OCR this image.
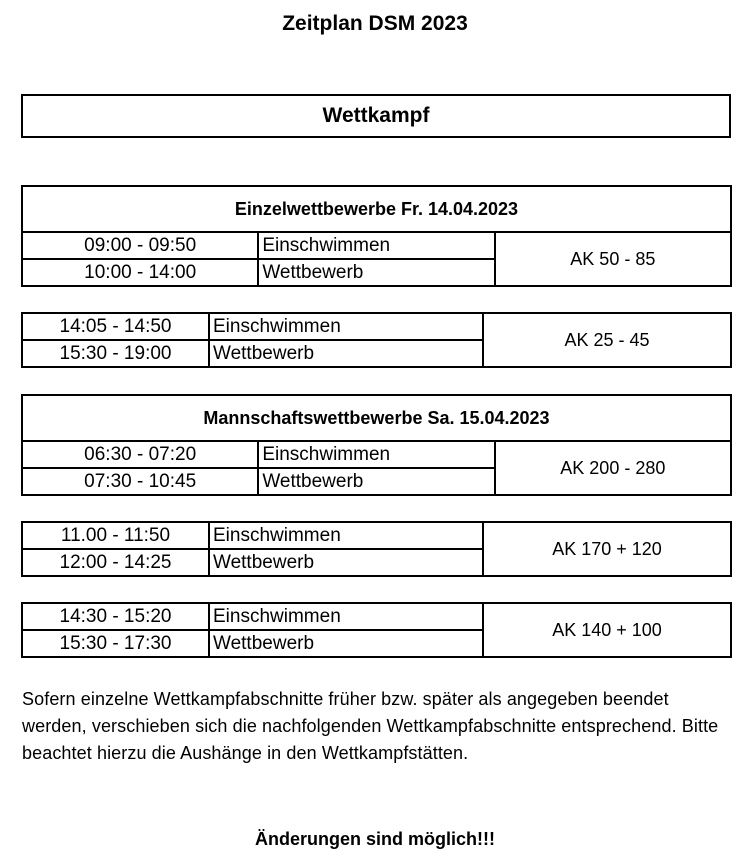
Zeitplan DSM 2023
Wettkampf
Einzelwettbewerbe Fr. 14.04.2023		
09:00 - 09:50	Einschwimmen	AK 50 - 85
10:00 - 14:00	Wettbewerb	
14:05 - 14:50	Einschwimmen	AK 25 - 45
15:30 - 19:00	Wettbewerb	
Mannschaftswettbewerbe Sa. 15.04.2023		
06:30 - 07:20	Einschwimmen	AK 200 - 280
07:30 - 10:45	Wettbewerb	
11.00 - 11:50	Einschwimmen	AK 170 + 120
12:00 - 14:25	Wettbewerb	
14:30 - 15:20	Einschwimmen	AK 140 + 100
15:30 - 17:30	Wettbewerb	
Sofern einzelne Wettkampfabschnitte früher bzw. später als angegeben beendet werden, verschieben sich die nachfolgenden Wettkampfabschnitte entsprechend. Bitte beachtet hierzu die Aushänge in den Wettkampfstätten.
Änderungen sind möglich!!!
